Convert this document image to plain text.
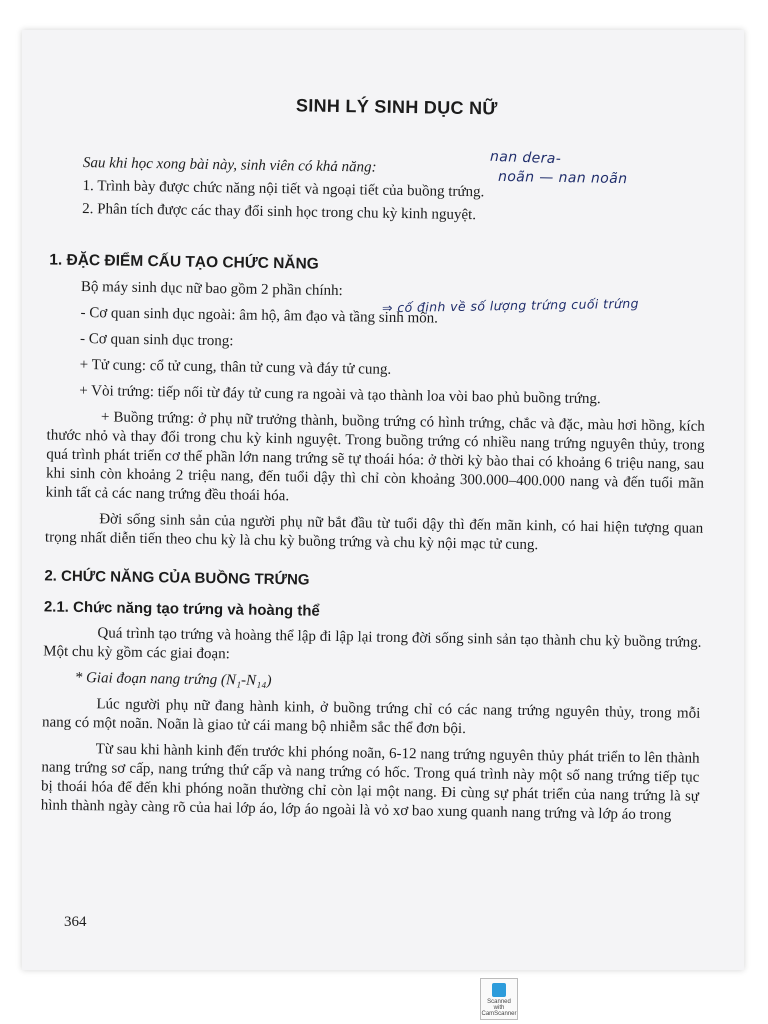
SINH LÝ SINH DỤC NỮ
Sau khi học xong bài này, sinh viên có khả năng:
1. Trình bày được chức năng nội tiết và ngoại tiết của buồng trứng.
2. Phân tích được các thay đổi sinh học trong chu kỳ kinh nguyệt.
1. ĐẶC ĐIỂM CẤU TẠO CHỨC NĂNG
Bộ máy sinh dục nữ bao gồm 2 phần chính:
- Cơ quan sinh dục ngoài: âm hộ, âm đạo và tầng sinh môn.
- Cơ quan sinh dục trong:
+ Tử cung: cổ tử cung, thân tử cung và đáy tử cung.
+ Vòi trứng: tiếp nối từ đáy tử cung ra ngoài và tạo thành loa vòi bao phủ buồng trứng.
+ Buồng trứng: ở phụ nữ trưởng thành, buồng trứng có hình trứng, chắc và đặc, màu hơi hồng, kích thước nhỏ và thay đổi trong chu kỳ kinh nguyệt. Trong buồng trứng có nhiều nang trứng nguyên thủy, trong quá trình phát triển cơ thể phần lớn nang trứng sẽ tự thoái hóa: ở thời kỳ bào thai có khoảng 6 triệu nang, sau khi sinh còn khoảng 2 triệu nang, đến tuổi dậy thì chỉ còn khoảng 300.000–400.000 nang và đến tuổi mãn kinh tất cả các nang trứng đều thoái hóa.
Đời sống sinh sản của người phụ nữ bắt đầu từ tuổi dậy thì đến mãn kinh, có hai hiện tượng quan trọng nhất diễn tiến theo chu kỳ là chu kỳ buồng trứng và chu kỳ nội mạc tử cung.
2. CHỨC NĂNG CỦA BUỒNG TRỨNG
2.1. Chức năng tạo trứng và hoàng thể
Quá trình tạo trứng và hoàng thể lập đi lập lại trong đời sống sinh sản tạo thành chu kỳ buồng trứng. Một chu kỳ gồm các giai đoạn:
* Giai đoạn nang trứng (N₁-N₁₄)
Lúc người phụ nữ đang hành kinh, ở buồng trứng chỉ có các nang trứng nguyên thủy, trong mỗi nang có một noãn. Noãn là giao tử cái mang bộ nhiễm sắc thể đơn bội.
Từ sau khi hành kinh đến trước khi phóng noãn, 6-12 nang trứng nguyên thủy phát triển to lên thành nang trứng sơ cấp, nang trứng thứ cấp và nang trứng có hốc. Trong quá trình này một số nang trứng tiếp tục bị thoái hóa để đến khi phóng noãn thường chỉ còn lại một nang. Đi cùng sự phát triển của nang trứng là sự hình thành ngày càng rõ của hai lớp áo, lớp áo ngoài là vỏ xơ bao xung quanh nang trứng và lớp áo trong
nan dera-
noãn — nan noãn
⇒ cố định về số lượng trứng cuối trứng
364
Scanned with
CamScanner
